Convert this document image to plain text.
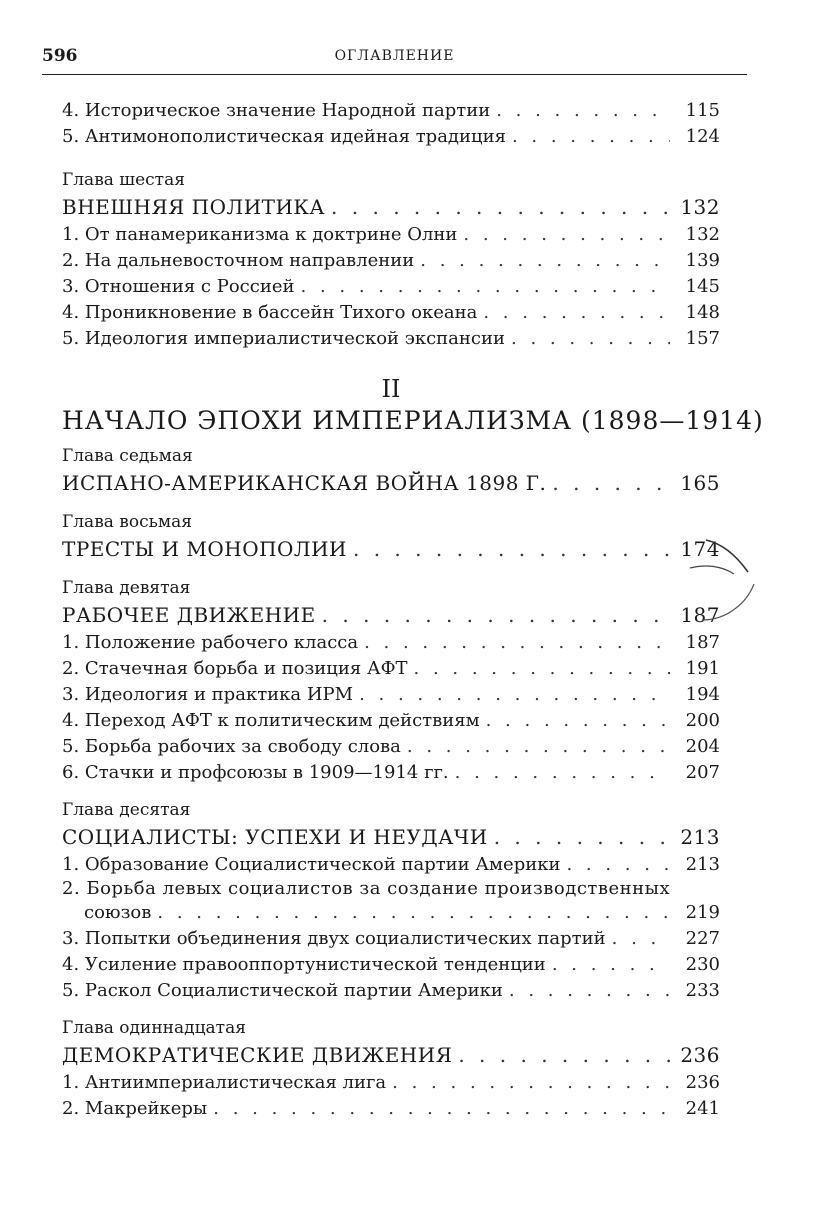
596	ОГЛАВЛЕНИЕ
4.
Историческое значение Народной партии . . .	115
5.
Антимонополистическая идейная традиция . . .	124
Глава шестая
ВНЕШНЯЯ ПОЛИТИКА . . .	132
1.
От панамериканизма к доктрине Олни . . .	132
2.
На дальневосточном направлении . . .	139
3.
Отношения с Россией . . .	145
4.
Проникновение в бассейн Тихого океана . . .	148
5.
Идеология империалистической экспансии . . .	157
II
НАЧАЛО ЭПОХИ ИМПЕРИАЛИЗМА (1898—1914)
Глава седьмая
ИСПАНО-АМЕРИКАНСКАЯ ВОЙНА 1898 Г. . . .	165
Глава восьмая
ТРЕСТЫ И МОНОПОЛИИ . . .	174
Глава девятая
РАБОЧЕЕ ДВИЖЕНИЕ . . .	187
1.
Положение рабочего класса . . .	187
2.
Стачечная борьба и позиция АФТ . . .	191
3.
Идеология и практика ИРМ . . .	194
4.
Переход АФТ к политическим действиям . . .	200
5.
Борьба рабочих за свободу слова . . .	204
6.
Стачки и профсоюзы в 1909—1914 гг. . . .	207
Глава десятая
СОЦИАЛИСТЫ: УСПЕХИ И НЕУДАЧИ . . .	213
1.
Образование Социалистической партии Америки . . .	213
2. Борьба левых социалистов за создание производственных
союзов . . .	219
3.
Попытки объединения двух социалистических партий . . .	227
4.
Усиление правооппортунистической тенденции . . .	230
5.
Раскол Социалистической партии Америки . . .	233
Глава одиннадцатая
ДЕМОКРАТИЧЕСКИЕ ДВИЖЕНИЯ . . .	236
1.
Антиимпериалистическая лига . . .	236
2.
Макрейкеры . . .	241
